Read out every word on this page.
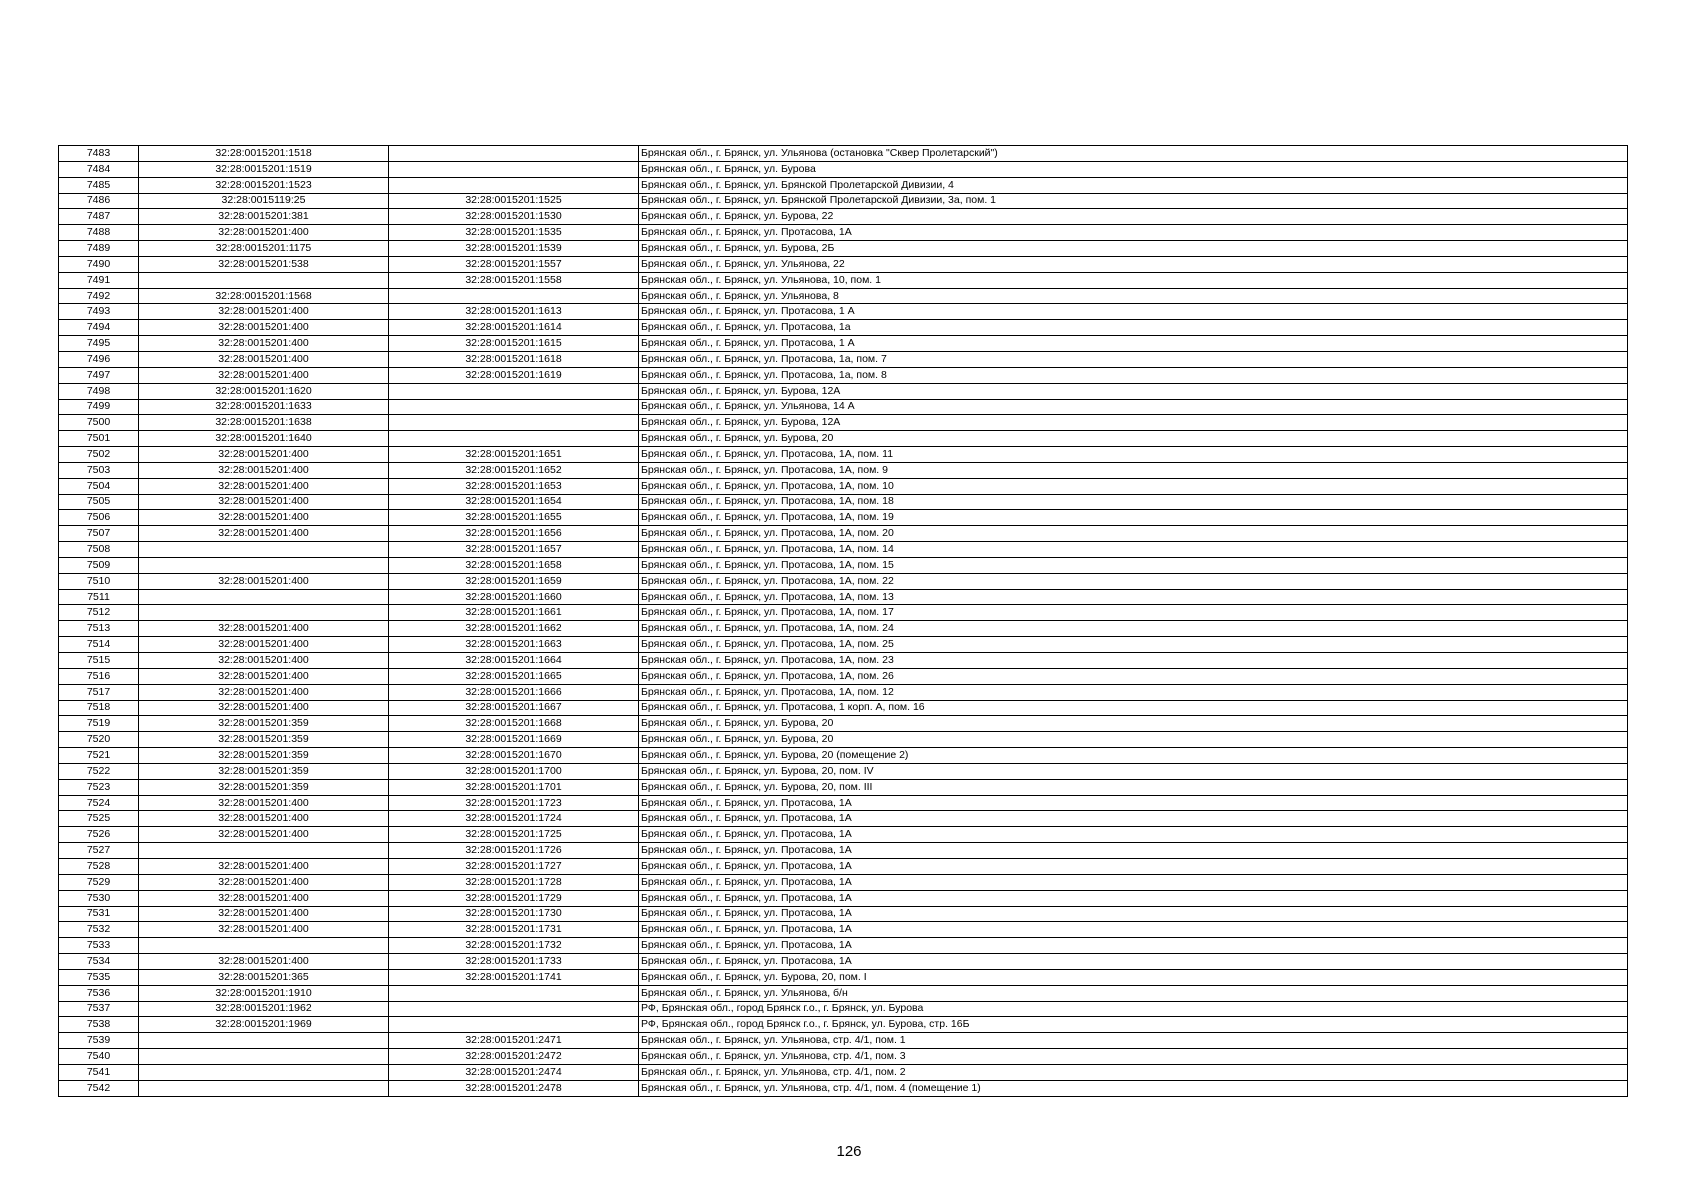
7483	32:28:0015201:1518		Брянская обл., г. Брянск, ул. Ульянова (остановка "Сквер Пролетарский")
7484	32:28:0015201:1519		Брянская обл., г. Брянск, ул. Бурова
7485	32:28:0015201:1523		Брянская обл., г. Брянск, ул. Брянской Пролетарской Дивизии, 4
7486	32:28:0015119:25	32:28:0015201:1525	Брянская обл., г. Брянск, ул. Брянской Пролетарской Дивизии, 3а, пом. 1
7487	32:28:0015201:381	32:28:0015201:1530	Брянская обл., г. Брянск, ул. Бурова, 22
7488	32:28:0015201:400	32:28:0015201:1535	Брянская обл., г. Брянск, ул. Протасова, 1А
7489	32:28:0015201:1175	32:28:0015201:1539	Брянская обл., г. Брянск, ул. Бурова, 2Б
7490	32:28:0015201:538	32:28:0015201:1557	Брянская обл., г. Брянск, ул. Ульянова, 22
7491		32:28:0015201:1558	Брянская обл., г. Брянск, ул. Ульянова, 10, пом. 1
7492	32:28:0015201:1568		Брянская обл., г. Брянск, ул. Ульянова, 8
7493	32:28:0015201:400	32:28:0015201:1613	Брянская обл., г. Брянск, ул. Протасова, 1 А
7494	32:28:0015201:400	32:28:0015201:1614	Брянская обл., г. Брянск, ул. Протасова, 1а
7495	32:28:0015201:400	32:28:0015201:1615	Брянская обл., г. Брянск, ул. Протасова, 1 А
7496	32:28:0015201:400	32:28:0015201:1618	Брянская обл., г. Брянск, ул. Протасова, 1а, пом. 7
7497	32:28:0015201:400	32:28:0015201:1619	Брянская обл., г. Брянск, ул. Протасова, 1а, пом. 8
7498	32:28:0015201:1620		Брянская обл., г. Брянск, ул. Бурова, 12А
7499	32:28:0015201:1633		Брянская обл., г. Брянск, ул. Ульянова, 14 А
7500	32:28:0015201:1638		Брянская обл., г. Брянск, ул. Бурова, 12А
7501	32:28:0015201:1640		Брянская обл., г. Брянск, ул. Бурова, 20
7502	32:28:0015201:400	32:28:0015201:1651	Брянская обл., г. Брянск, ул. Протасова, 1А, пом. 11
7503	32:28:0015201:400	32:28:0015201:1652	Брянская обл., г. Брянск, ул. Протасова, 1А, пом. 9
7504	32:28:0015201:400	32:28:0015201:1653	Брянская обл., г. Брянск, ул. Протасова, 1А, пом. 10
7505	32:28:0015201:400	32:28:0015201:1654	Брянская обл., г. Брянск, ул. Протасова, 1А, пом. 18
7506	32:28:0015201:400	32:28:0015201:1655	Брянская обл., г. Брянск, ул. Протасова, 1А, пом. 19
7507	32:28:0015201:400	32:28:0015201:1656	Брянская обл., г. Брянск, ул. Протасова, 1А, пом. 20
7508		32:28:0015201:1657	Брянская обл., г. Брянск, ул. Протасова, 1А, пом. 14
7509		32:28:0015201:1658	Брянская обл., г. Брянск, ул. Протасова, 1А, пом. 15
7510	32:28:0015201:400	32:28:0015201:1659	Брянская обл., г. Брянск, ул. Протасова, 1А, пом. 22
7511		32:28:0015201:1660	Брянская обл., г. Брянск, ул. Протасова, 1А, пом. 13
7512		32:28:0015201:1661	Брянская обл., г. Брянск, ул. Протасова, 1А, пом. 17
7513	32:28:0015201:400	32:28:0015201:1662	Брянская обл., г. Брянск, ул. Протасова, 1А, пом. 24
7514	32:28:0015201:400	32:28:0015201:1663	Брянская обл., г. Брянск, ул. Протасова, 1А, пом. 25
7515	32:28:0015201:400	32:28:0015201:1664	Брянская обл., г. Брянск, ул. Протасова, 1А, пом. 23
7516	32:28:0015201:400	32:28:0015201:1665	Брянская обл., г. Брянск, ул. Протасова, 1А, пом. 26
7517	32:28:0015201:400	32:28:0015201:1666	Брянская обл., г. Брянск, ул. Протасова, 1А, пом. 12
7518	32:28:0015201:400	32:28:0015201:1667	Брянская обл., г. Брянск, ул. Протасова, 1 корп. А, пом. 16
7519	32:28:0015201:359	32:28:0015201:1668	Брянская обл., г. Брянск, ул. Бурова, 20
7520	32:28:0015201:359	32:28:0015201:1669	Брянская обл., г. Брянск, ул. Бурова, 20
7521	32:28:0015201:359	32:28:0015201:1670	Брянская обл., г. Брянск, ул. Бурова, 20 (помещение 2)
7522	32:28:0015201:359	32:28:0015201:1700	Брянская обл., г. Брянск, ул. Бурова, 20, пом. IV
7523	32:28:0015201:359	32:28:0015201:1701	Брянская обл., г. Брянск, ул. Бурова, 20, пом. III
7524	32:28:0015201:400	32:28:0015201:1723	Брянская обл., г. Брянск, ул. Протасова, 1А
7525	32:28:0015201:400	32:28:0015201:1724	Брянская обл., г. Брянск, ул. Протасова, 1А
7526	32:28:0015201:400	32:28:0015201:1725	Брянская обл., г. Брянск, ул. Протасова, 1А
7527		32:28:0015201:1726	Брянская обл., г. Брянск, ул. Протасова, 1А
7528	32:28:0015201:400	32:28:0015201:1727	Брянская обл., г. Брянск, ул. Протасова, 1А
7529	32:28:0015201:400	32:28:0015201:1728	Брянская обл., г. Брянск, ул. Протасова, 1А
7530	32:28:0015201:400	32:28:0015201:1729	Брянская обл., г. Брянск, ул. Протасова, 1А
7531	32:28:0015201:400	32:28:0015201:1730	Брянская обл., г. Брянск, ул. Протасова, 1А
7532	32:28:0015201:400	32:28:0015201:1731	Брянская обл., г. Брянск, ул. Протасова, 1А
7533		32:28:0015201:1732	Брянская обл., г. Брянск, ул. Протасова, 1А
7534	32:28:0015201:400	32:28:0015201:1733	Брянская обл., г. Брянск, ул. Протасова, 1А
7535	32:28:0015201:365	32:28:0015201:1741	Брянская обл., г. Брянск, ул. Бурова, 20, пом. I
7536	32:28:0015201:1910		Брянская обл., г. Брянск, ул. Ульянова, б/н
7537	32:28:0015201:1962		РФ, Брянская обл., город Брянск г.о., г. Брянск, ул. Бурова
7538	32:28:0015201:1969		РФ, Брянская обл., город Брянск г.о., г. Брянск, ул. Бурова, стр. 16Б
7539		32:28:0015201:2471	Брянская обл., г. Брянск, ул. Ульянова, стр. 4/1, пом. 1
7540		32:28:0015201:2472	Брянская обл., г. Брянск, ул. Ульянова, стр. 4/1, пом. 3
7541		32:28:0015201:2474	Брянская обл., г. Брянск, ул. Ульянова, стр. 4/1, пом. 2
7542		32:28:0015201:2478	Брянская обл., г. Брянск, ул. Ульянова, стр. 4/1, пом. 4 (помещение 1)
126
